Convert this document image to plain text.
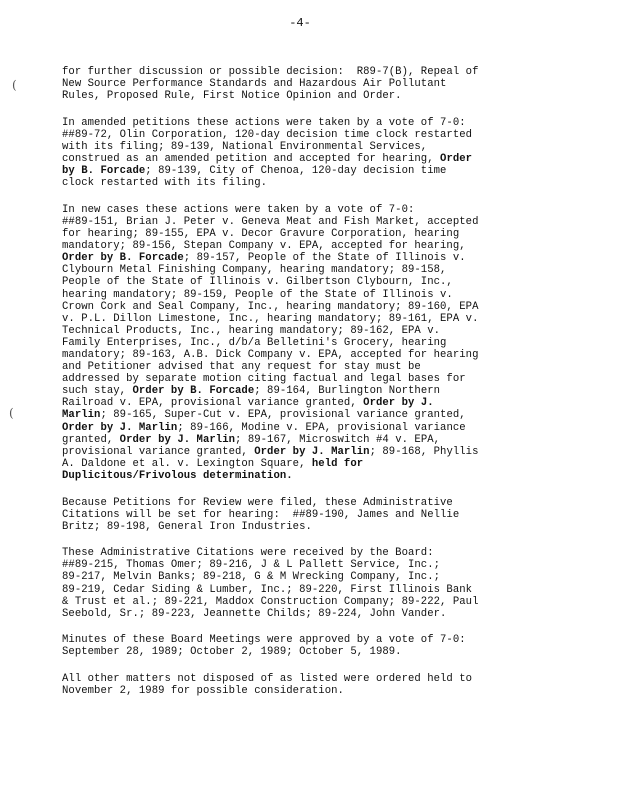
-4-
(
(
for further discussion or possible decision:  R89-7(B), Repeal of
New Source Performance Standards and Hazardous Air Pollutant
Rules, Proposed Rule, First Notice Opinion and Order.
In amended petitions these actions were taken by a vote of 7-0:
##89-72, Olin Corporation, 120-day decision time clock restarted
with its filing; 89-139, National Environmental Services,
construed as an amended petition and accepted for hearing, Order
by B. Forcade; 89-139, City of Chenoa, 120-day decision time
clock restarted with its filing.
In new cases these actions were taken by a vote of 7-0:
##89-151, Brian J. Peter v. Geneva Meat and Fish Market, accepted
for hearing; 89-155, EPA v. Decor Gravure Corporation, hearing
mandatory; 89-156, Stepan Company v. EPA, accepted for hearing,
Order by B. Forcade; 89-157, People of the State of Illinois v.
Clybourn Metal Finishing Company, hearing mandatory; 89-158,
People of the State of Illinois v. Gilbertson Clybourn, Inc.,
hearing mandatory; 89-159, People of the State of Illinois v.
Crown Cork and Seal Company, Inc., hearing mandatory; 89-160, EPA
v. P.L. Dillon Limestone, Inc., hearing mandatory; 89-161, EPA v.
Technical Products, Inc., hearing mandatory; 89-162, EPA v.
Family Enterprises, Inc., d/b/a Belletini's Grocery, hearing
mandatory; 89-163, A.B. Dick Company v. EPA, accepted for hearing
and Petitioner advised that any request for stay must be
addressed by separate motion citing factual and legal bases for
such stay, Order by B. Forcade; 89-164, Burlington Northern
Railroad v. EPA, provisional variance granted, Order by J.
Marlin; 89-165, Super-Cut v. EPA, provisional variance granted,
Order by J. Marlin; 89-166, Modine v. EPA, provisional variance
granted, Order by J. Marlin; 89-167, Microswitch #4 v. EPA,
provisional variance granted, Order by J. Marlin; 89-168, Phyllis
A. Daldone et al. v. Lexington Square, held for
Duplicitous/Frivolous determination.
Because Petitions for Review were filed, these Administrative
Citations will be set for hearing:  ##89-190, James and Nellie
Britz; 89-198, General Iron Industries.
These Administrative Citations were received by the Board:
##89-215, Thomas Omer; 89-216, J & L Pallett Service, Inc.;
89-217, Melvin Banks; 89-218, G & M Wrecking Company, Inc.;
89-219, Cedar Siding & Lumber, Inc.; 89-220, First Illinois Bank
& Trust et al.; 89-221, Maddox Construction Company; 89-222, Paul
Seebold, Sr.; 89-223, Jeannette Childs; 89-224, John Vander.
Minutes of these Board Meetings were approved by a vote of 7-0:
September 28, 1989; October 2, 1989; October 5, 1989.
All other matters not disposed of as listed were ordered held to
November 2, 1989 for possible consideration.
